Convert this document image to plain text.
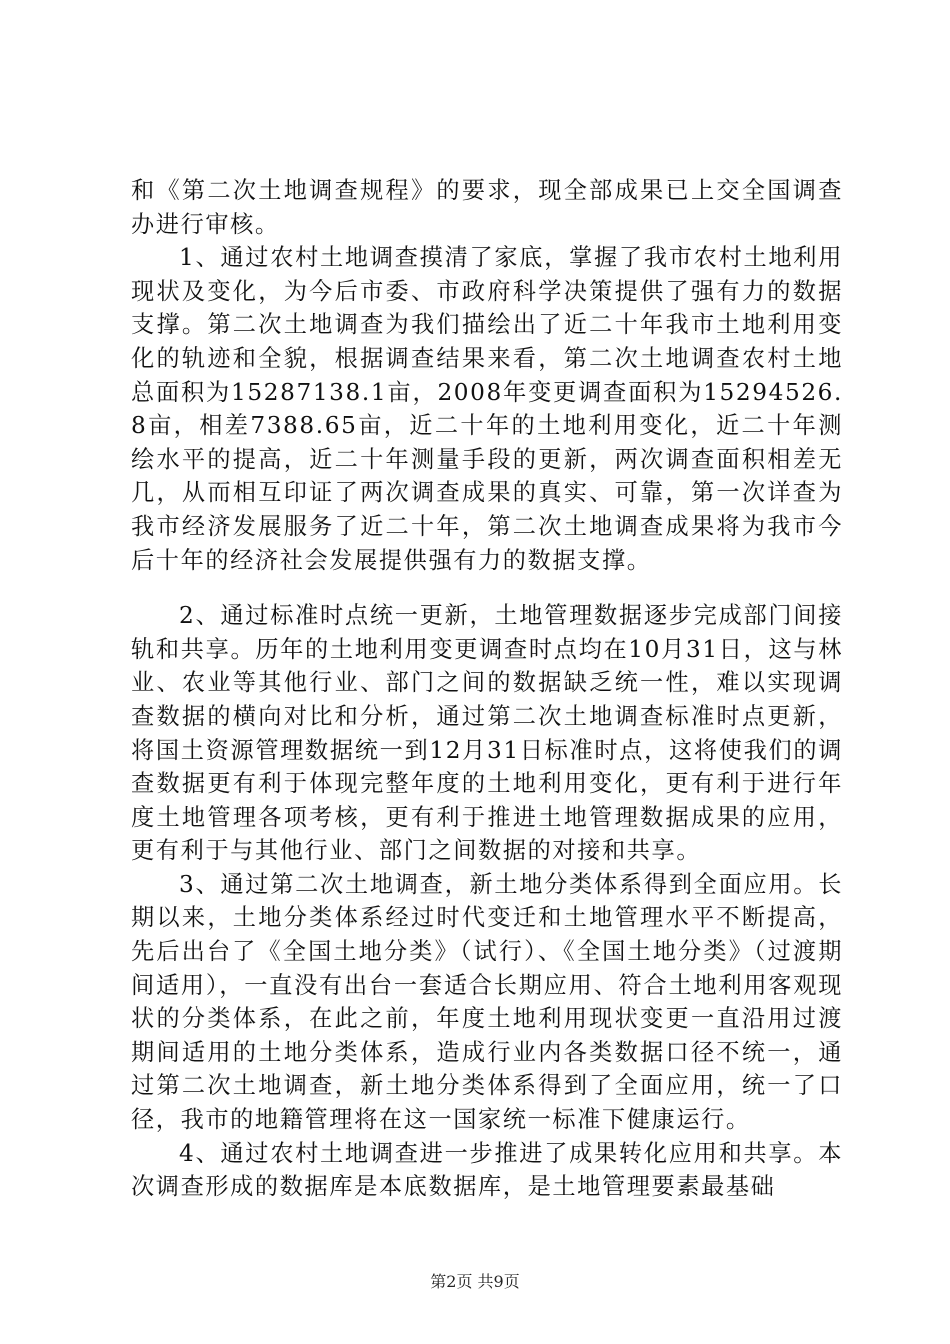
和《第二次土地调查规程》的要求，现全部成果已上交全国调查办进行审核。

1、通过农村土地调查摸清了家底，掌握了我市农村土地利用现状及变化，为今后市委、市政府科学决策提供了强有力的数据支撑。第二次土地调查为我们描绘出了近二十年我市土地利用变化的轨迹和全貌，根据调查结果来看，第二次土地调查农村土地总面积为15287138.1亩，2008年变更调查面积为15294526.8亩，相差7388.65亩，近二十年的土地利用变化，近二十年测绘水平的提高，近二十年测量手段的更新，两次调查面积相差无几，从而相互印证了两次调查成果的真实、可靠，第一次详查为我市经济发展服务了近二十年，第二次土地调查成果将为我市今后十年的经济社会发展提供强有力的数据支撑。

2、通过标准时点统一更新，土地管理数据逐步完成部门间接轨和共享。历年的土地利用变更调查时点均在10月31日，这与林业、农业等其他行业、部门之间的数据缺乏统一性，难以实现调查数据的横向对比和分析，通过第二次土地调查标准时点更新，将国土资源管理数据统一到12月31日标准时点，这将使我们的调查数据更有利于体现完整年度的土地利用变化，更有利于进行年度土地管理各项考核，更有利于推进土地管理数据成果的应用，更有利于与其他行业、部门之间数据的对接和共享。

3、通过第二次土地调查，新土地分类体系得到全面应用。长期以来，土地分类体系经过时代变迁和土地管理水平不断提高，先后出台了《全国土地分类》（试行）、《全国土地分类》（过渡期间适用），一直没有出台一套适合长期应用、符合土地利用客观现状的分类体系，在此之前，年度土地利用现状变更一直沿用过渡期间适用的土地分类体系，造成行业内各类数据口径不统一，通过第二次土地调查，新土地分类体系得到了全面应用，统一了口径，我市的地籍管理将在这一国家统一标准下健康运行。

4、通过农村土地调查进一步推进了成果转化应用和共享。本次调查形成的数据库是本底数据库，是土地管理要素最基础

第2页 共9页
